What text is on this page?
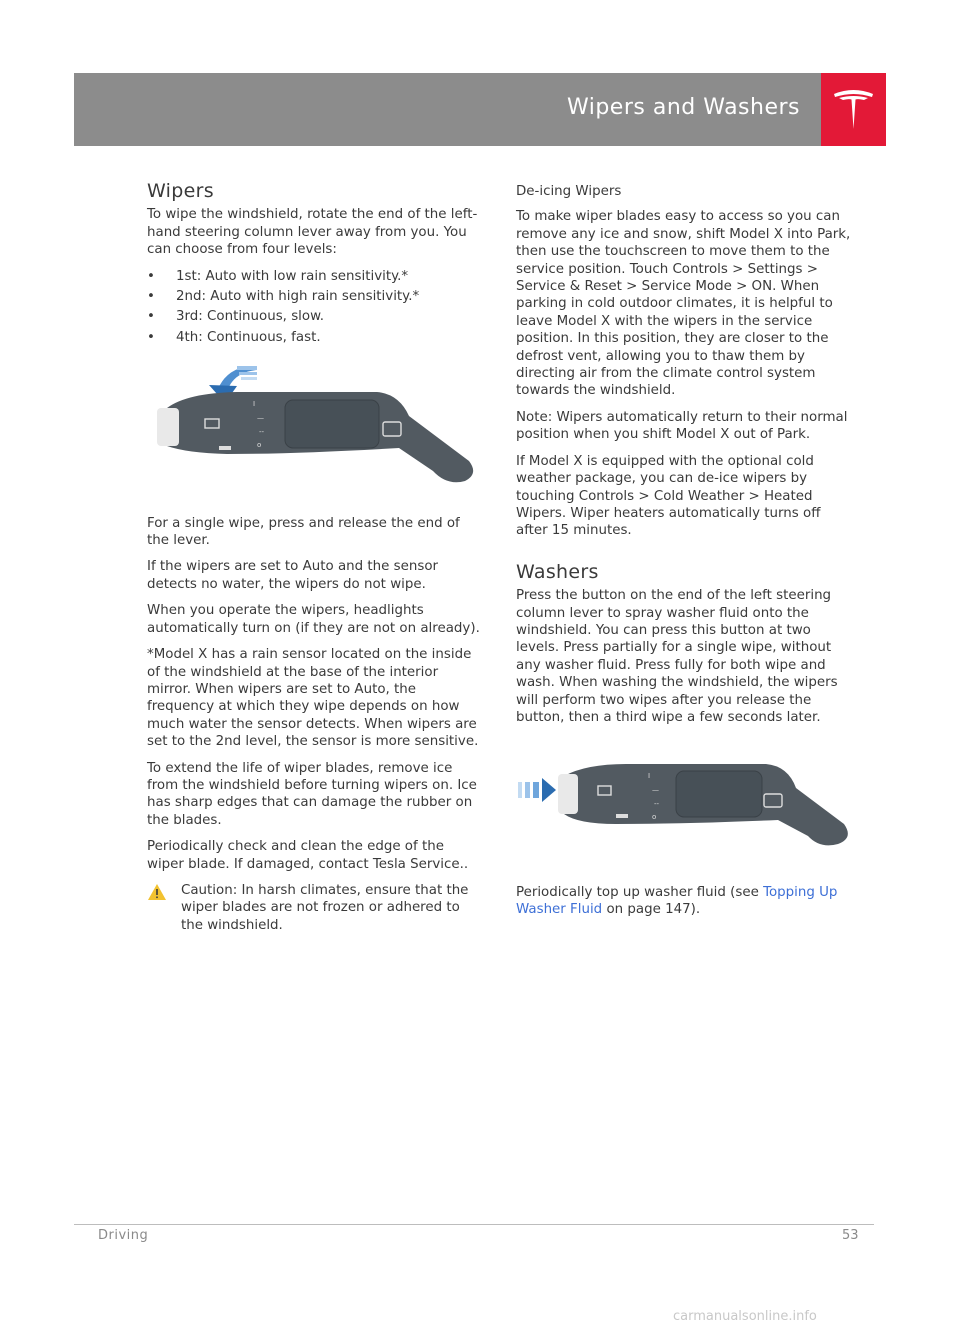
Wipers and Washers
Wipers

To wipe the windshield, rotate the end of the left-hand steering column lever away from you. You can choose from four levels:

• 1st: Auto with low rain sensitivity.*
• 2nd: Auto with high rain sensitivity.*
• 3rd: Continuous, slow.
• 4th: Continuous, fast.
I
—
--
o

For a single wipe, press and release the end of the lever.

If the wipers are set to Auto and the sensor detects no water, the wipers do not wipe.

When you operate the wipers, headlights automatically turn on (if they are not on already).

*Model X has a rain sensor located on the inside of the windshield at the base of the interior mirror. When wipers are set to Auto, the frequency at which they wipe depends on how much water the sensor detects. When wipers are set to the 2nd level, the sensor is more sensitive.

To extend the life of wiper blades, remove ice from the windshield before turning wipers on. Ice has sharp edges that can damage the rubber on the blades.

Periodically check and clean the edge of the wiper blade. If damaged, contact Tesla Service..

Caution: In harsh climates, ensure that the wiper blades are not frozen or adhered to the windshield.

De-icing Wipers

To make wiper blades easy to access so you can remove any ice and snow, shift Model X into Park, then use the touchscreen to move them to the service position. Touch Controls > Settings > Service & Reset > Service Mode > ON. When parking in cold outdoor climates, it is helpful to leave Model X with the wipers in the service position. In this position, they are closer to the defrost vent, allowing you to thaw them by directing air from the climate control system towards the windshield.

Note: Wipers automatically return to their normal position when you shift Model X out of Park.

If Model X is equipped with the optional cold weather package, you can de-ice wipers by touching Controls > Cold Weather > Heated Wipers. Wiper heaters automatically turns off after 15 minutes.

Washers

Press the button on the end of the left steering column lever to spray washer fluid onto the windshield. You can press this button at two levels. Press partially for a single wipe, without any washer fluid. Press fully for both wipe and wash. When washing the windshield, the wipers will perform two wipes after you release the button, then a third wipe a few seconds later.

I
—
--
o

Periodically top up washer fluid (see Topping Up Washer Fluid on page 147).

Driving	53
carmanualsonline.info
